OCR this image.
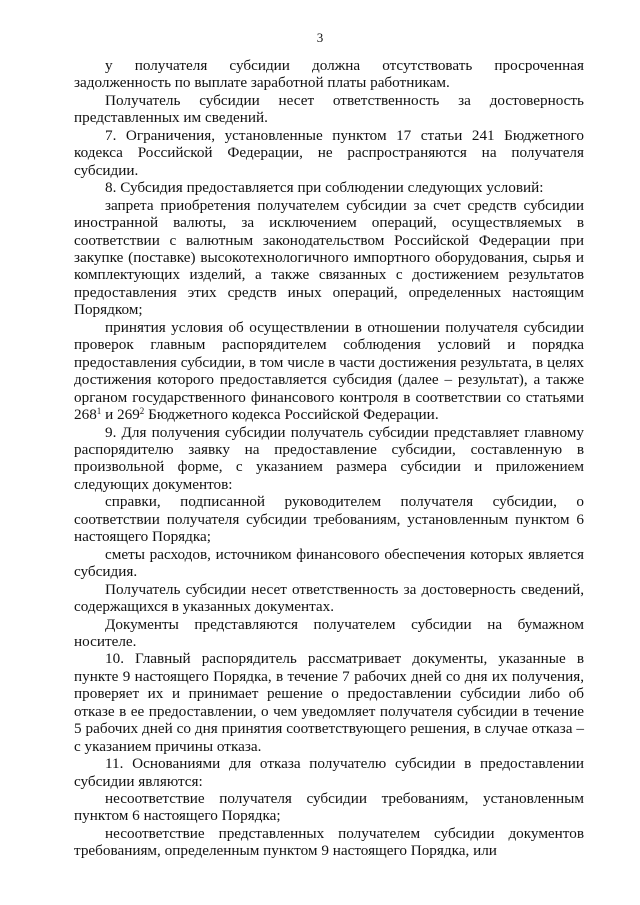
3

у получателя субсидии должна отсутствовать просроченная задолженность по выплате заработной платы работникам.

Получатель субсидии несет ответственность за достоверность представленных им сведений.

7. Ограничения, установленные пунктом 17 статьи 241 Бюджетного кодекса Российской Федерации, не распространяются на получателя субсидии.

8. Субсидия предоставляется при соблюдении следующих условий:

запрета приобретения получателем субсидии за счет средств субсидии иностранной валюты, за исключением операций, осуществляемых в соответствии с валютным законодательством Российской Федерации при закупке (поставке) высокотехнологичного импортного оборудования, сырья и комплектующих изделий, а также связанных с достижением результатов предоставления этих средств иных операций, определенных настоящим Порядком;

принятия условия об осуществлении в отношении получателя субсидии проверок главным распорядителем соблюдения условий и порядка предоставления субсидии, в том числе в части достижения результата, в целях достижения которого предоставляется субсидия (далее – результат), а также органом государственного финансового контроля в соответствии со статьями $268^1$ и $269^2$ Бюджетного кодекса Российской Федерации.

9. Для получения субсидии получатель субсидии представляет главному распорядителю заявку на предоставление субсидии, составленную в произвольной форме, с указанием размера субсидии и приложением следующих документов:

справки, подписанной руководителем получателя субсидии, о соответствии получателя субсидии требованиям, установленным пунктом 6 настоящего Порядка;

сметы расходов, источником финансового обеспечения которых является субсидия.

Получатель субсидии несет ответственность за достоверность сведений, содержащихся в указанных документах.

Документы представляются получателем субсидии на бумажном носителе.

10. Главный распорядитель рассматривает документы, указанные в пункте 9 настоящего Порядка, в течение 7 рабочих дней со дня их получения, проверяет их и принимает решение о предоставлении субсидии либо об отказе в ее предоставлении, о чем уведомляет получателя субсидии в течение 5 рабочих дней со дня принятия соответствующего решения, в случае отказа – с указанием причины отказа.

11. Основаниями для отказа получателю субсидии в предоставлении субсидии являются:

несоответствие получателя субсидии требованиям, установленным пунктом 6 настоящего Порядка;

несоответствие представленных получателем субсидии документов требованиям, определенным пунктом 9 настоящего Порядка, или
